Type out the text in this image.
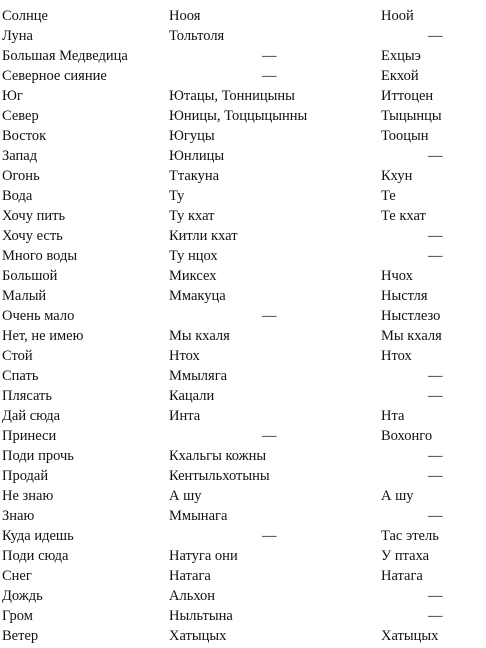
Солнце	Нооя	Ноой
Луна	Тольтоля	—
Большая Медведица	—	Ехцыэ
Северное сияние	—	Екхой
Юг	Ютацы, Тонницыны	Иттоцен
Север	Юницы, Тоццыцынны	Тыцынцы
Восток	Югуцы	Тооцын
Запад	Юнлицы	—
Огонь	Ттакуна	Кхун
Вода	Ту	Те
Хочу пить	Ту кхат	Те кхат
Хочу есть	Китли кхат	—
Много воды	Ту нцох	—
Большой	Миксех	Нчох
Малый	Ммакуца	Ныстля
Очень мало	—	Ныстлезо
Нет, не имею	Мы кхаля	Мы кхаля
Стой	Нтох	Нтох
Спать	Ммыляга	—
Плясать	Кацали	—
Дай сюда	Инта	Нта
Принеси	—	Вохонго
Поди прочь	Кхальгы кожны	—
Продай	Кентыльхотыны	—
Не знаю	А шу	А шу
Знаю	Ммынага	—
Куда идешь	—	Тас этель
Поди сюда	Натуга они	У птаха
Снег	Натага	Натага
Дождь	Альхон	—
Гром	Ныльтына	—
Ветер	Хатыцых	Хатыцых
